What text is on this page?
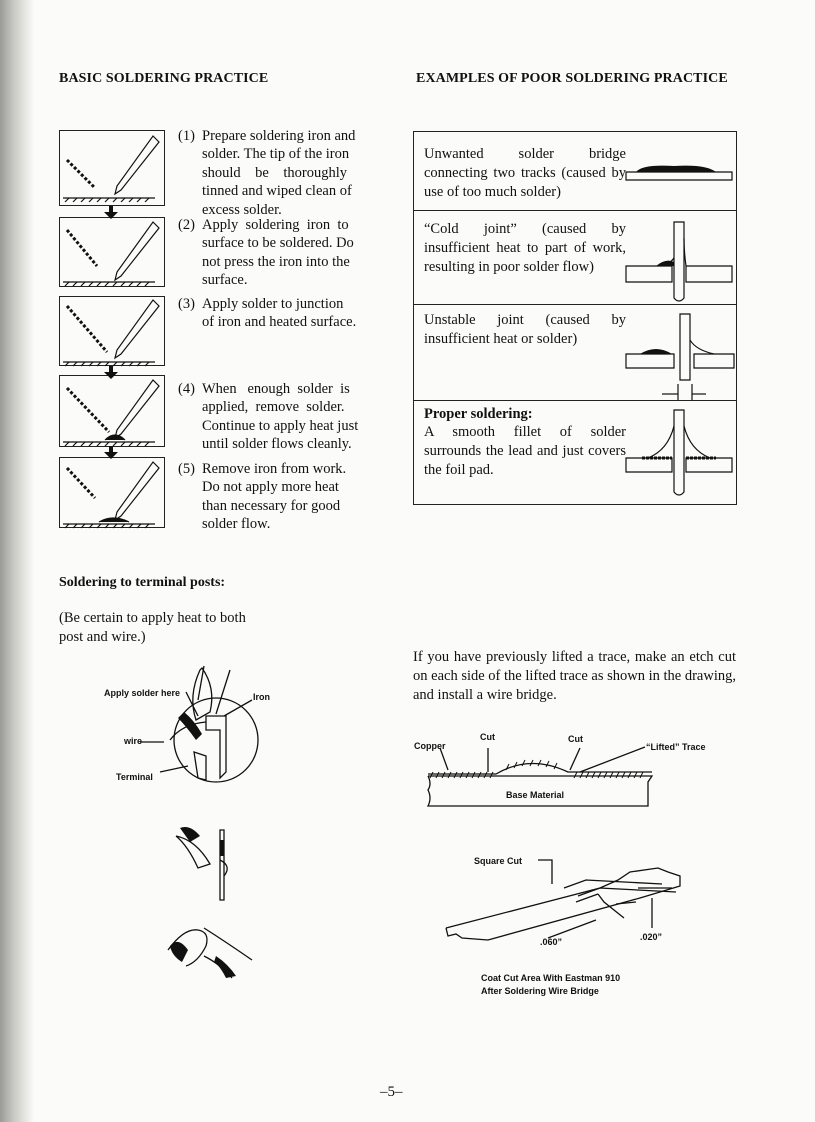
BASIC SOLDERING PRACTICE	EXAMPLES OF POOR SOLDERING PRACTICE
(1) Prepare soldering iron and
solder. The tip of the iron
should    be    thoroughly
tinned and wiped clean of
excess solder.
(2) Apply  soldering  iron  to
surface to be soldered. Do
not press the iron into the
surface.
(3) Apply solder to junction
of iron and heated surface.
(4) When   enough  solder  is
applied,  remove  solder.
Continue to apply heat just
until solder flows cleanly.
(5) Remove iron from work.
Do not apply more heat
than necessary for good
solder flow.
Unwanted solder bridge connecting two tracks (caused by use of too much solder)
“Cold joint” (caused by insufficient heat to part of work, resulting in poor solder flow)
Unstable joint (caused by insufficient heat or solder)
Proper soldering:
A smooth fillet of solder surrounds the lead and just covers the foil pad.
Soldering to terminal posts:
(Be certain to apply heat to both post and wire.)
Apply solder here	Iron
wire
Terminal
If you have previously lifted a trace, make an etch cut on each side of the lifted trace as shown in the drawing, and install a wire bridge.
Copper
Cut	Cut
“Lifted” Trace
Base Material
Square Cut
.060”	.020”
Coat Cut Area With Eastman 910
After Soldering Wire Bridge
–5–
